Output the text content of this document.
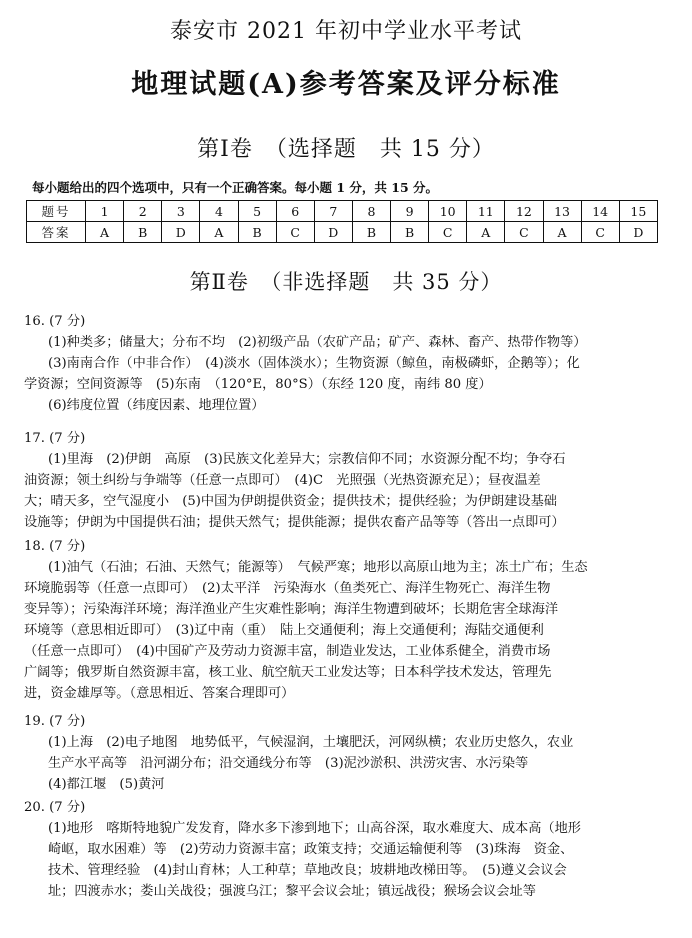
泰安市 2021 年初中学业水平考试
地理试题(A)参考答案及评分标准
第Ⅰ卷　（选择题　共 15 分）
每小题给出的四个选项中，只有一个正确答案。每小题 1 分，共 15 分。
题号	1	2	3	4	5	6	7	8	9	10	11	12	13	14	15
答案	A	B	D	A	B	C	D	B	B	C	A	C	A	C	D
第Ⅱ卷　（非选择题　共 35 分）
16. (7 分)
(1)种类多；储量大；分布不均　(2)初级产品（农矿产品；矿产、森林、畜产、热带作物等）
(3)南南合作（中非合作）　(4)淡水（固体淡水）；生物资源（鲸鱼，南极磷虾，企鹅等）；化
学资源；空间资源等　(5)东南　（120°E，80°S）（东经 120 度，南纬 80 度）
(6)纬度位置（纬度因素、地理位置）
17. (7 分)
(1)里海　(2)伊朗　高原　(3)民族文化差异大；宗教信仰不同；水资源分配不均；争夺石
油资源；领土纠纷与争端等（任意一点即可）　(4)C　光照强（光热资源充足）；昼夜温差
大；晴天多，空气湿度小　(5)中国为伊朗提供资金；提供技术；提供经验；为伊朗建设基础
设施等；伊朗为中国提供石油；提供天然气；提供能源；提供农畜产品等等（答出一点即可）
18. (7 分)
(1)油气（石油；石油、天然气；能源等）　气候严寒；地形以高原山地为主；冻土广布；生态
环境脆弱等（任意一点即可）　(2)太平洋　污染海水（鱼类死亡、海洋生物死亡、海洋生物
变异等）；污染海洋环境；海洋渔业产生灾难性影响；海洋生物遭到破坏；长期危害全球海洋
环境等（意思相近即可）　(3)辽中南（重）　陆上交通便利；海上交通便利；海陆交通便利
（任意一点即可）　(4)中国矿产及劳动力资源丰富，制造业发达，工业体系健全，消费市场
广阔等；俄罗斯自然资源丰富，核工业、航空航天工业发达等；日本科学技术发达，管理先
进，资金雄厚等。（意思相近、答案合理即可）
19. (7 分)
(1)上海　(2)电子地图　地势低平，气候湿润，土壤肥沃，河网纵横；农业历史悠久，农业
生产水平高等　沿河湖分布；沿交通线分布等　(3)泥沙淤积、洪涝灾害、水污染等
(4)都江堰　(5)黄河
20. (7 分)
(1)地形　喀斯特地貌广发发育，降水多下渗到地下；山高谷深，取水难度大、成本高（地形
崎岖，取水困难）等　(2)劳动力资源丰富；政策支持；交通运输便利等　(3)珠海　资金、
技术、管理经验　(4)封山育林；人工种草；草地改良；坡耕地改梯田等。　(5)遵义会议会
址；四渡赤水；娄山关战役；强渡乌江；黎平会议会址；镇远战役；猴场会议会址等
